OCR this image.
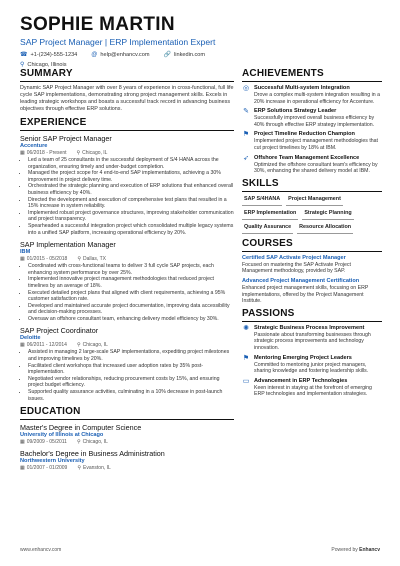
SOPHIE MARTIN
SAP Project Manager | ERP Implementation Expert
☎ +1-(234)-555-1234 @ help@enhancv.com 🔗 linkedin.com
⚲ Chicago, Illinois
SUMMARY
Dynamic SAP Project Manager with over 8 years of experience in cross-functional, full life cycle SAP implementations, demonstrating strong project management skills. Excels in leading strategic workshops and boasts a successful track record in advancing business objectives through effective ERP solutions.
EXPERIENCE
Senior SAP Project Manager
Accenture
▦ 06/2018 - Present ⚲ Chicago, IL
• Led a team of 25 consultants in the successful deployment of S/4 HANA across the organization, ensuring timely and under-budget completion.
• Managed the project scope for 4 end-to-end SAP implementations, achieving a 30% improvement in project delivery time.
• Orchestrated the strategic planning and execution of ERP solutions that enhanced overall business efficiency by 40%.
• Directed the development and execution of comprehensive test plans that resulted in a 15% increase in system reliability.
• Implemented robust project governance structures, improving stakeholder communication and project transparency.
• Spearheaded a successful integration project which consolidated multiple legacy systems into a unified SAP platform, increasing operational efficiency by 20%.
SAP Implementation Manager
IBM
▦ 01/2015 - 05/2018 ⚲ Dallas, TX
• Coordinated with cross-functional teams to deliver 3 full cycle SAP projects, each enhancing system performance by over 25%.
• Implemented innovative project management methodologies that reduced project timelines by an average of 18%.
• Executed detailed project plans that aligned with client requirements, achieving a 95% customer satisfaction rate.
• Developed and maintained accurate project documentation, improving data accessibility and decision-making processes.
• Oversaw an offshore consultant team, enhancing delivery model efficiency by 30%.
SAP Project Coordinator
Deloitte
▦ 06/2011 - 12/2014 ⚲ Chicago, IL
• Assisted in managing 2 large-scale SAP implementations, expediting project milestones and improving timelines by 20%.
• Facilitated client workshops that increased user adoption rates by 35% post-implementation.
• Negotiated vendor relationships, reducing procurement costs by 15%, and ensuring project budget efficiency.
• Supported quality assurance activities, culminating in a 10% decrease in post-launch issues.
EDUCATION
Master's Degree in Computer Science
University of Illinois at Chicago
▦ 09/2009 - 05/2011 ⚲ Chicago, IL
Bachelor's Degree in Business Administration
Northwestern University
▦ 01/2007 - 01/2009 ⚲ Evanston, IL
ACHIEVEMENTS
◎ Successful Multi-system Integration
Drove a complex multi-system integration resulting in a 20% increase in operational efficiency for Accenture.
✎ ERP Solutions Strategy Leader
Successfully improved overall business efficiency by 40% through effective ERP strategy implementation.
⚑ Project Timeline Reduction Champion
Implemented project management methodologies that cut project timelines by 18% at IBM.
➶ Offshore Team Management Excellence
Optimized the offshore consultant team's efficiency by 30%, enhancing the shared delivery model at IBM.
SKILLS
SAP S/4HANA	Project Management
ERP Implementation	Strategic Planning
Quality Assurance	Resource Allocation
COURSES
Certified SAP Activate Project Manager
Focused on mastering the SAP Activate Project Management methodology, provided by SAP.
Advanced Project Management Certification
Enhanced project management skills, focusing on ERP implementations, offered by the Project Management Institute.
PASSIONS
✺ Strategic Business Process Improvement
Passionate about transforming businesses through strategic process improvements and technology innovation.
⚑ Mentoring Emerging Project Leaders
Committed to mentoring junior project managers, sharing knowledge and fostering leadership skills.
▭ Advancement in ERP Technologies
Keen interest in staying at the forefront of emerging ERP technologies and implementation strategies.
www.enhancv.com	Powered by Enhancv
